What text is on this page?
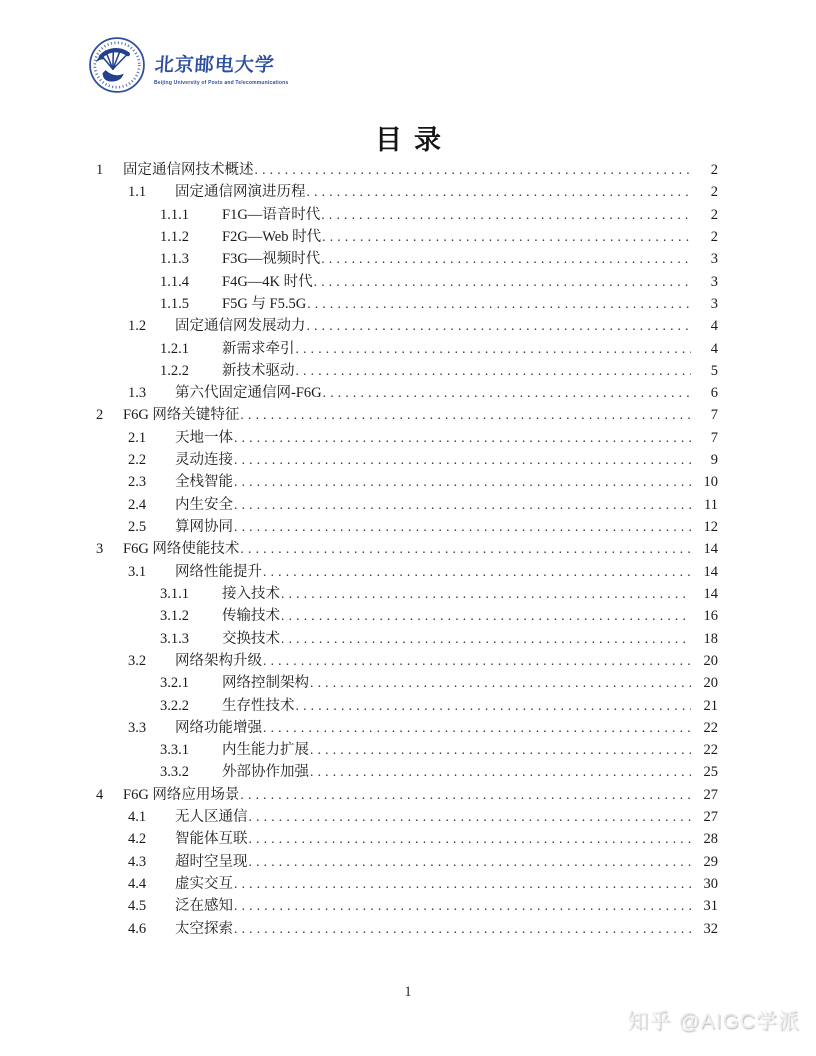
北京邮电大学
Beijing University of Posts and Telecommunications
目录
1	固定通信网技术概述 .....	2
1.1	固定通信网演进历程 .....	2
1.1.1	F1G—语音时代 .....	2
1.1.2	F2G—Web 时代 .....	2
1.1.3	F3G—视频时代 .....	3
1.1.4	F4G—4K 时代 .....	3
1.1.5	F5G 与 F5.5G .....	3
1.2	固定通信网发展动力 .....	4
1.2.1	新需求牵引 .....	4
1.2.2	新技术驱动 .....	5
1.3	第六代固定通信网-F6G .....	6
2	F6G 网络关键特征 .....	7
2.1	天地一体 .....	7
2.2	灵动连接 .....	9
2.3	全栈智能 .....	10
2.4	内生安全 .....	11
2.5	算网协同 .....	12
3	F6G 网络使能技术 .....	14
3.1	网络性能提升 .....	14
3.1.1	接入技术 .....	14
3.1.2	传输技术 .....	16
3.1.3	交换技术 .....	18
3.2	网络架构升级 .....	20
3.2.1	网络控制架构 .....	20
3.2.2	生存性技术 .....	21
3.3	网络功能增强 .....	22
3.3.1	内生能力扩展 .....	22
3.3.2	外部协作加强 .....	25
4	F6G 网络应用场景 .....	27
4.1	无人区通信 .....	27
4.2	智能体互联 .....	28
4.3	超时空呈现 .....	29
4.4	虚实交互 .....	30
4.5	泛在感知 .....	31
4.6	太空探索 .....	32
1
知乎 @AIGC学派
